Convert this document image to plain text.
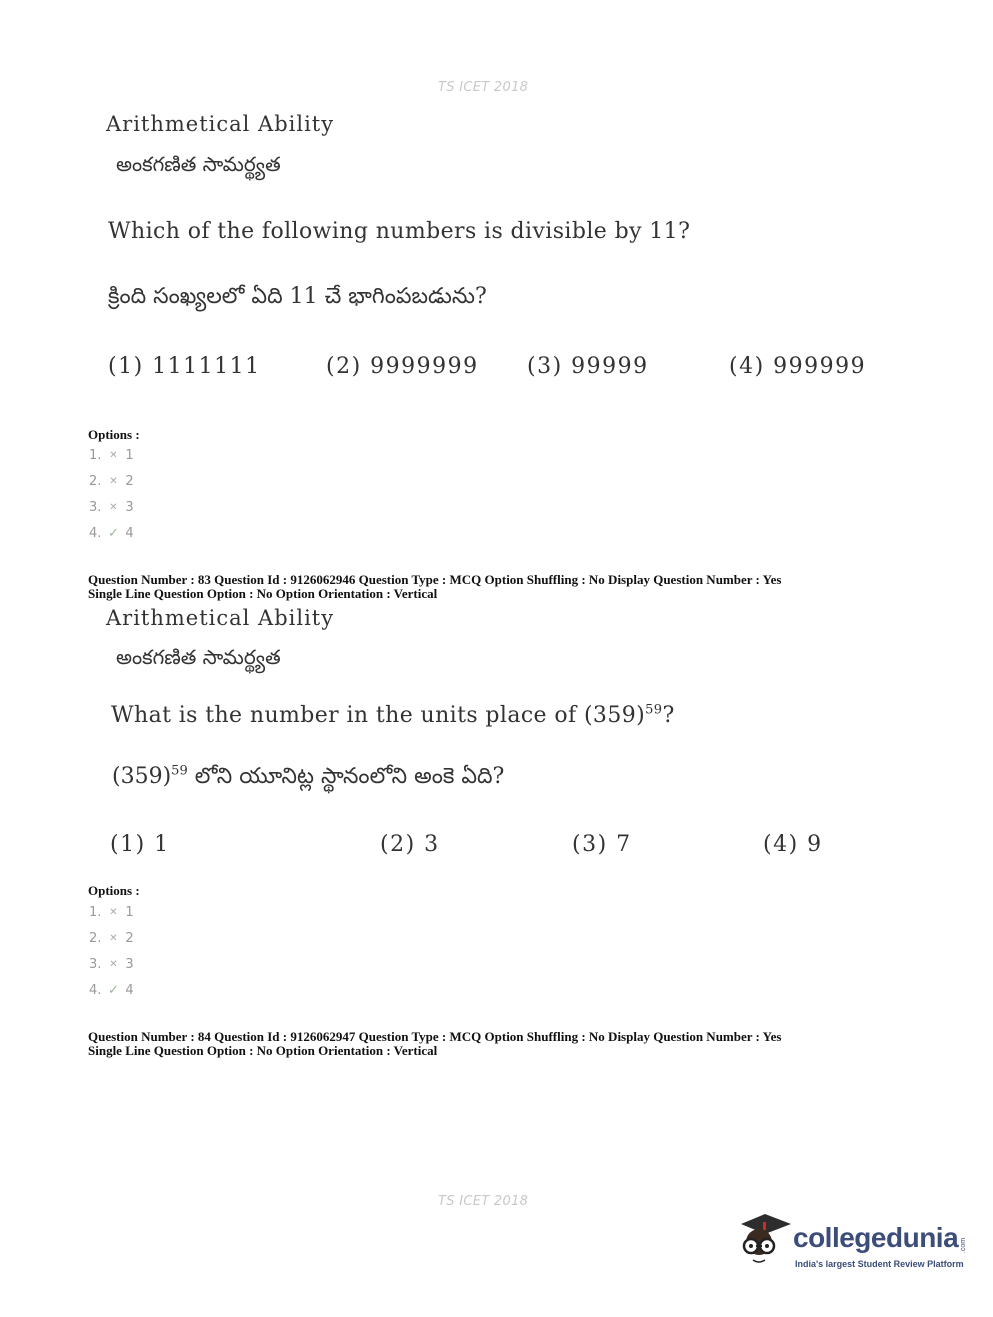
TS ICET 2018
Arithmetical Ability
అంకగణిత సామర్థ్యత
Which of the following numbers is divisible by 11?
క్రింది సంఖ్యలలో ఏది 11 చే భాగింపబడును?
(1) 1111111	(2) 9999999 (3) 99999	(4) 999999
Options :
1. ✕ 1
2. ✕ 2
3. ✕ 3
4. ✓ 4
Question Number : 83 Question Id : 9126062946 Question Type : MCQ Option Shuffling : No Display Question Number : Yes
Single Line Question Option : No Option Orientation : Vertical
Arithmetical Ability
అంకగణిత సామర్థ్యత
What is the number in the units place of $(359)^{59}$?
$(359)^{59}$ లోని యూనిట్ల స్థానంలోని అంకె ఏది?
(1) 1	(2) 3	(3) 7	(4) 9
Options :
1. ✕ 1
2. ✕ 2
3. ✕ 3
4. ✓ 4
Question Number : 84 Question Id : 9126062947 Question Type : MCQ Option Shuffling : No Display Question Number : Yes
Single Line Question Option : No Option Orientation : Vertical
TS ICET 2018
collegedunia .com
India's largest Student Review Platform
